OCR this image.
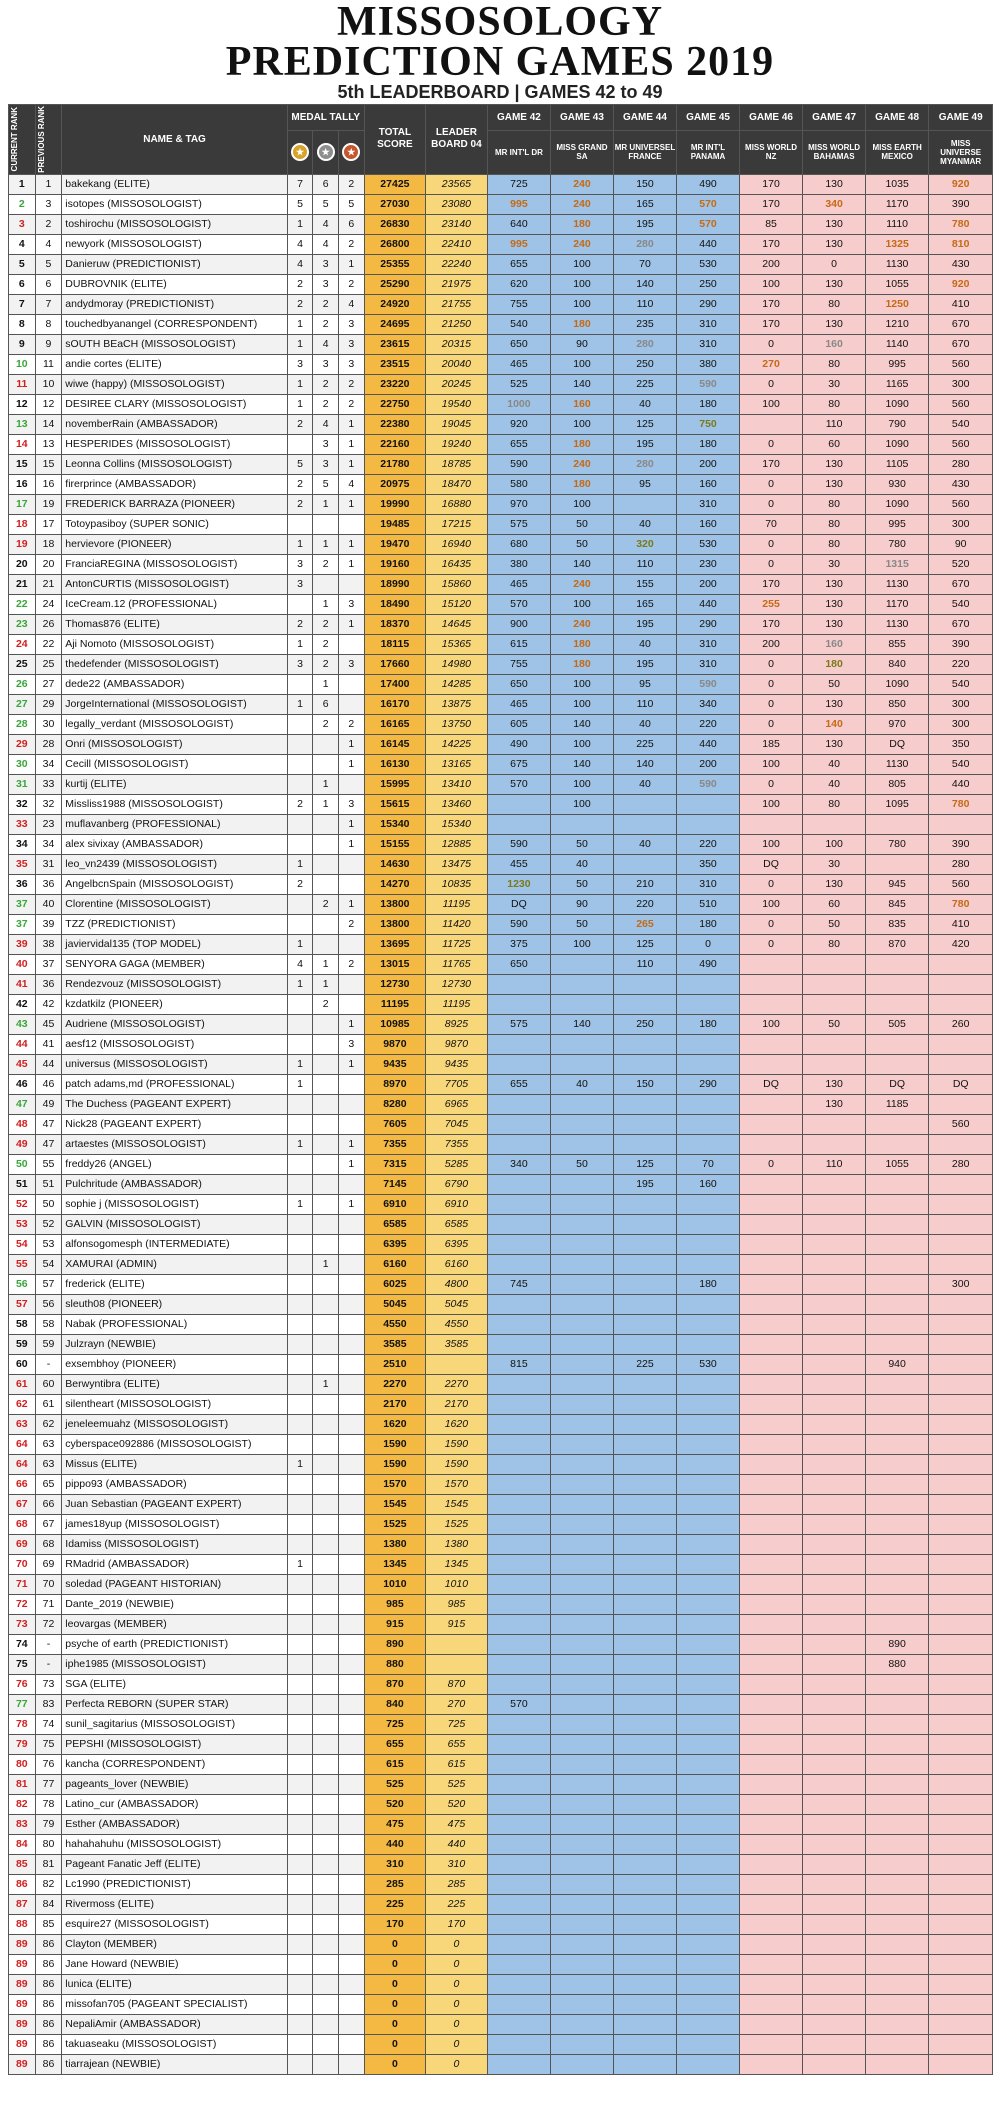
MISSOSOLOGY
PREDICTION GAMES 2019
5th LEADERBOARD | GAMES 42 to 49
CURRENT RANK	PREVIOUS RANK	NAME & TAG	MEDAL TALLY			TOTAL SCORE	LEADER BOARD 04	GAME 42	GAME 43	GAME 44	GAME 45	GAME 46	GAME 47	GAME 48	GAME 49
			★	★	★			MR INT'L DR	MISS GRAND SA	MR UNIVERSEL FRANCE	MR INT'L PANAMA	MISS WORLD NZ	MISS WORLD BAHAMAS	MISS EARTH MEXICO	MISS UNIVERSE MYANMAR
1	1	bakekang (ELITE)	7	6	2	27425	23565	725	240	150	490	170	130	1035	920
2	3	isotopes (MISSOSOLOGIST)	5	5	5	27030	23080	995	240	165	570	170	340	1170	390
3	2	toshirochu (MISSOSOLOGIST)	1	4	6	26830	23140	640	180	195	570	85	130	1110	780
4	4	newyork (MISSOSOLOGIST)	4	4	2	26800	22410	995	240	280	440	170	130	1325	810
5	5	Danieruw (PREDICTIONIST)	4	3	1	25355	22240	655	100	70	530	200	0	1130	430
6	6	DUBROVNIK (ELITE)	2	3	2	25290	21975	620	100	140	250	100	130	1055	920
7	7	andydmoray (PREDICTIONIST)	2	2	4	24920	21755	755	100	110	290	170	80	1250	410
8	8	touchedbyanangel (CORRESPONDENT)	1	2	3	24695	21250	540	180	235	310	170	130	1210	670
9	9	sOUTH BEaCH (MISSOSOLOGIST)	1	4	3	23615	20315	650	90	280	310	0	160	1140	670
10	11	andie cortes (ELITE)	3	3	3	23515	20040	465	100	250	380	270	80	995	560
11	10	wiwe (happy) (MISSOSOLOGIST)	1	2	2	23220	20245	525	140	225	590	0	30	1165	300
12	12	DESIREE CLARY (MISSOSOLOGIST)	1	2	2	22750	19540	1000	160	40	180	100	80	1090	560
13	14	novemberRain (AMBASSADOR)	2	4	1	22380	19045	920	100	125	750		110	790	540
14	13	HESPERIDES (MISSOSOLOGIST)		3	1	22160	19240	655	180	195	180	0	60	1090	560
15	15	Leonna Collins (MISSOSOLOGIST)	5	3	1	21780	18785	590	240	280	200	170	130	1105	280
16	16	firerprince (AMBASSADOR)	2	5	4	20975	18470	580	180	95	160	0	130	930	430
17	19	FREDERICK BARRAZA (PIONEER)	2	1	1	19990	16880	970	100		310	0	80	1090	560
18	17	Totoypasiboy (SUPER SONIC)				19485	17215	575	50	40	160	70	80	995	300
19	18	hervievore (PIONEER)	1	1	1	19470	16940	680	50	320	530	0	80	780	90
20	20	FranciaREGINA (MISSOSOLOGIST)	3	2	1	19160	16435	380	140	110	230	0	30	1315	520
21	21	AntonCURTIS (MISSOSOLOGIST)	3			18990	15860	465	240	155	200	170	130	1130	670
22	24	IceCream.12 (PROFESSIONAL)		1	3	18490	15120	570	100	165	440	255	130	1170	540
23	26	Thomas876 (ELITE)	2	2	1	18370	14645	900	240	195	290	170	130	1130	670
24	22	Aji Nomoto (MISSOSOLOGIST)	1	2		18115	15365	615	180	40	310	200	160	855	390
25	25	thedefender (MISSOSOLOGIST)	3	2	3	17660	14980	755	180	195	310	0	180	840	220
26	27	dede22 (AMBASSADOR)		1		17400	14285	650	100	95	590	0	50	1090	540
27	29	JorgeInternational (MISSOSOLOGIST)	1	6		16170	13875	465	100	110	340	0	130	850	300
28	30	legally_verdant (MISSOSOLOGIST)		2	2	16165	13750	605	140	40	220	0	140	970	300
29	28	Onri (MISSOSOLOGIST)			1	16145	14225	490	100	225	440	185	130	DQ	350
30	34	Cecill (MISSOSOLOGIST)			1	16130	13165	675	140	140	200	100	40	1130	540
31	33	kurtij (ELITE)		1		15995	13410	570	100	40	590	0	40	805	440
32	32	Missliss1988 (MISSOSOLOGIST)	2	1	3	15615	13460		100			100	80	1095	780
33	23	muflavanberg (PROFESSIONAL)			1	15340	15340								
34	34	alex sivixay (AMBASSADOR)			1	15155	12885	590	50	40	220	100	100	780	390
35	31	leo_vn2439 (MISSOSOLOGIST)	1			14630	13475	455	40		350	DQ	30		280
36	36	AngelbcnSpain (MISSOSOLOGIST)	2			14270	10835	1230	50	210	310	0	130	945	560
37	40	Clorentine (MISSOSOLOGIST)		2	1	13800	11195	DQ	90	220	510	100	60	845	780
37	39	TZZ (PREDICTIONIST)			2	13800	11420	590	50	265	180	0	50	835	410
39	38	javiervidal135 (TOP MODEL)	1			13695	11725	375	100	125	0	0	80	870	420
40	37	SENYORA GAGA (MEMBER)	4	1	2	13015	11765	650		110	490				
41	36	Rendezvouz (MISSOSOLOGIST)	1	1		12730	12730								
42	42	kzdatkilz (PIONEER)		2		11195	11195								
43	45	Audriene (MISSOSOLOGIST)			1	10985	8925	575	140	250	180	100	50	505	260
44	41	aesf12 (MISSOSOLOGIST)			3	9870	9870								
45	44	universus (MISSOSOLOGIST)	1		1	9435	9435								
46	46	patch adams,md (PROFESSIONAL)	1			8970	7705	655	40	150	290	DQ	130	DQ	DQ
47	49	The Duchess (PAGEANT EXPERT)				8280	6965						130	1185	
48	47	Nick28 (PAGEANT EXPERT)				7605	7045								560
49	47	artaestes (MISSOSOLOGIST)	1		1	7355	7355								
50	55	freddy26 (ANGEL)			1	7315	5285	340	50	125	70	0	110	1055	280
51	51	Pulchritude (AMBASSADOR)				7145	6790			195	160				
52	50	sophie j (MISSOSOLOGIST)	1		1	6910	6910								
53	52	GALVIN (MISSOSOLOGIST)				6585	6585								
54	53	alfonsogomesph (INTERMEDIATE)				6395	6395								
55	54	XAMURAI (ADMIN)		1		6160	6160								
56	57	frederick (ELITE)				6025	4800	745			180				300
57	56	sleuth08 (PIONEER)				5045	5045								
58	58	Nabak (PROFESSIONAL)				4550	4550								
59	59	Julzrayn (NEWBIE)				3585	3585								
60	-	exsembhoy (PIONEER)				2510		815		225	530			940	
61	60	Berwyntibra (ELITE)		1		2270	2270								
62	61	silentheart (MISSOSOLOGIST)				2170	2170								
63	62	jeneleemuahz (MISSOSOLOGIST)				1620	1620								
64	63	cyberspace092886 (MISSOSOLOGIST)				1590	1590								
64	63	Missus (ELITE)	1			1590	1590								
66	65	pippo93 (AMBASSADOR)				1570	1570								
67	66	Juan Sebastian (PAGEANT EXPERT)				1545	1545								
68	67	james18yup (MISSOSOLOGIST)				1525	1525								
69	68	Idamiss (MISSOSOLOGIST)				1380	1380								
70	69	RMadrid (AMBASSADOR)	1			1345	1345								
71	70	soledad (PAGEANT HISTORIAN)				1010	1010								
72	71	Dante_2019 (NEWBIE)				985	985								
73	72	leovargas (MEMBER)				915	915								
74	-	psyche of earth (PREDICTIONIST)				890								890	
75	-	iphe1985 (MISSOSOLOGIST)				880								880	
76	73	SGA (ELITE)				870	870								
77	83	Perfecta REBORN (SUPER STAR)				840	270	570							
78	74	sunil_sagitarius (MISSOSOLOGIST)				725	725								
79	75	PEPSHI (MISSOSOLOGIST)				655	655								
80	76	kancha (CORRESPONDENT)				615	615								
81	77	pageants_lover (NEWBIE)				525	525								
82	78	Latino_cur (AMBASSADOR)				520	520								
83	79	Esther (AMBASSADOR)				475	475								
84	80	hahahahuhu (MISSOSOLOGIST)				440	440								
85	81	Pageant Fanatic Jeff (ELITE)				310	310								
86	82	Lc1990 (PREDICTIONIST)				285	285								
87	84	Rivermoss (ELITE)				225	225								
88	85	esquire27 (MISSOSOLOGIST)				170	170								
89	86	Clayton (MEMBER)				0	0								
89	86	Jane Howard (NEWBIE)				0	0								
89	86	lunica (ELITE)				0	0								
89	86	missofan705 (PAGEANT SPECIALIST)				0	0								
89	86	NepaliAmir (AMBASSADOR)				0	0								
89	86	takuaseaku (MISSOSOLOGIST)				0	0								
89	86	tiarrajean (NEWBIE)				0	0								
